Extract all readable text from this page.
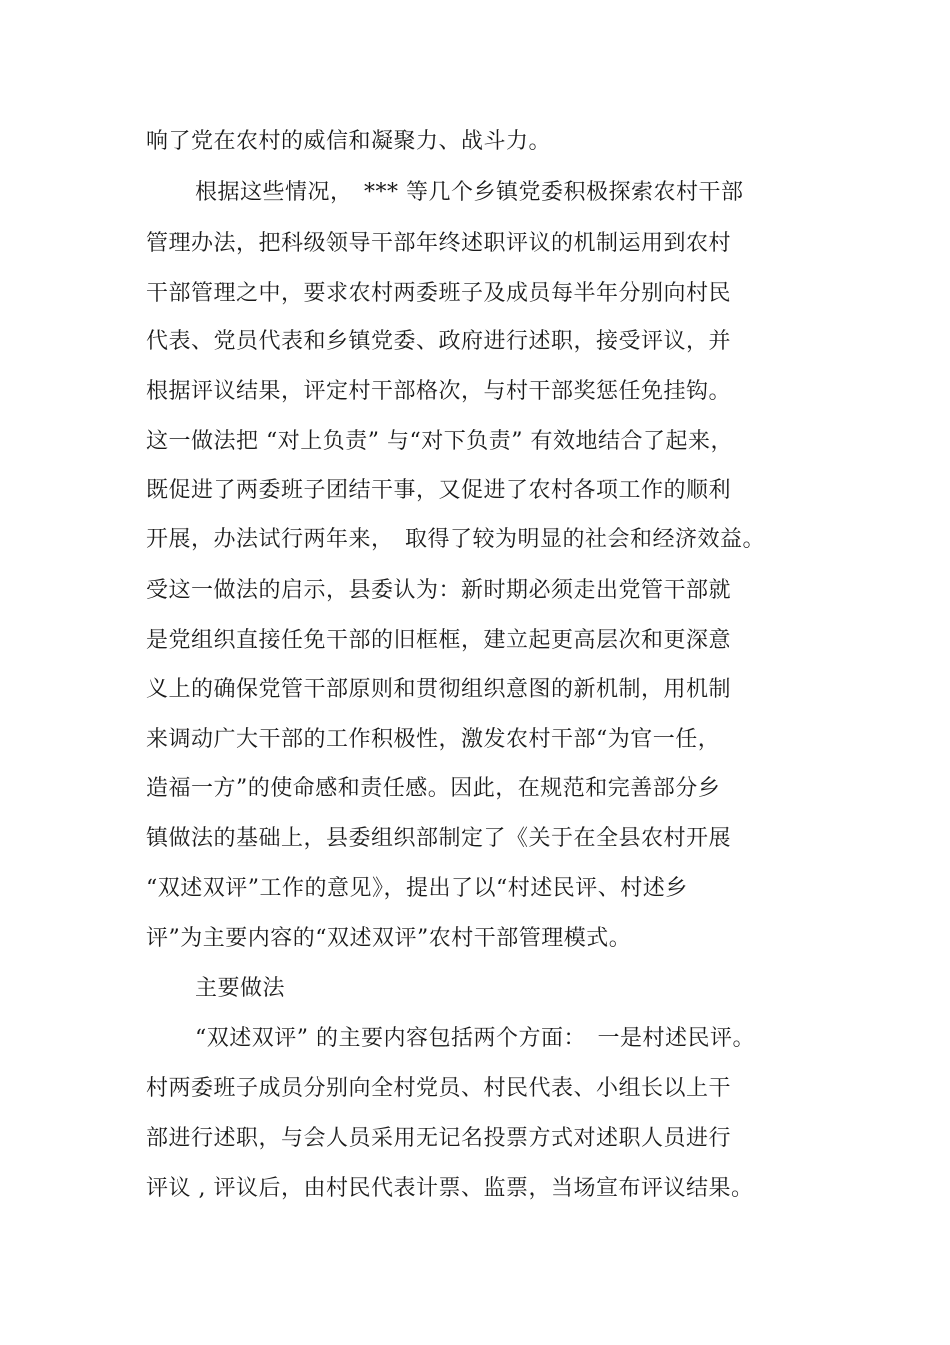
响了党在农村的威信和凝聚力、战斗力。
根据这些情况，　*** 等几个乡镇党委积极探索农村干部
管理办法，把科级领导干部年终述职评议的机制运用到农村
干部管理之中，要求农村两委班子及成员每半年分别向村民
代表、党员代表和乡镇党委、政府进行述职，接受评议，并
根据评议结果，评定村干部格次，与村干部奖惩任免挂钩。
这一做法把 “对上负责” 与“对下负责” 有效地结合了起来，
既促进了两委班子团结干事，又促进了农村各项工作的顺利
开展，办法试行两年来，　取得了较为明显的社会和经济效益。
受这一做法的启示，县委认为：新时期必须走出党管干部就
是党组织直接任免干部的旧框框，建立起更高层次和更深意
义上的确保党管干部原则和贯彻组织意图的新机制，用机制
来调动广大干部的工作积极性，激发农村干部“为官一任，
造福一方”的使命感和责任感。因此，在规范和完善部分乡
镇做法的基础上，县委组织部制定了《关于在全县农村开展
“双述双评”工作的意见》，提出了以“村述民评、村述乡
评”为主要内容的“双述双评”农村干部管理模式。
主要做法
“双述双评” 的主要内容包括两个方面：　一是村述民评。
村两委班子成员分别向全村党员、村民代表、小组长以上干
部进行述职，与会人员采用无记名投票方式对述职人员进行
评议 , 评议后，由村民代表计票、监票，当场宣布评议结果。
